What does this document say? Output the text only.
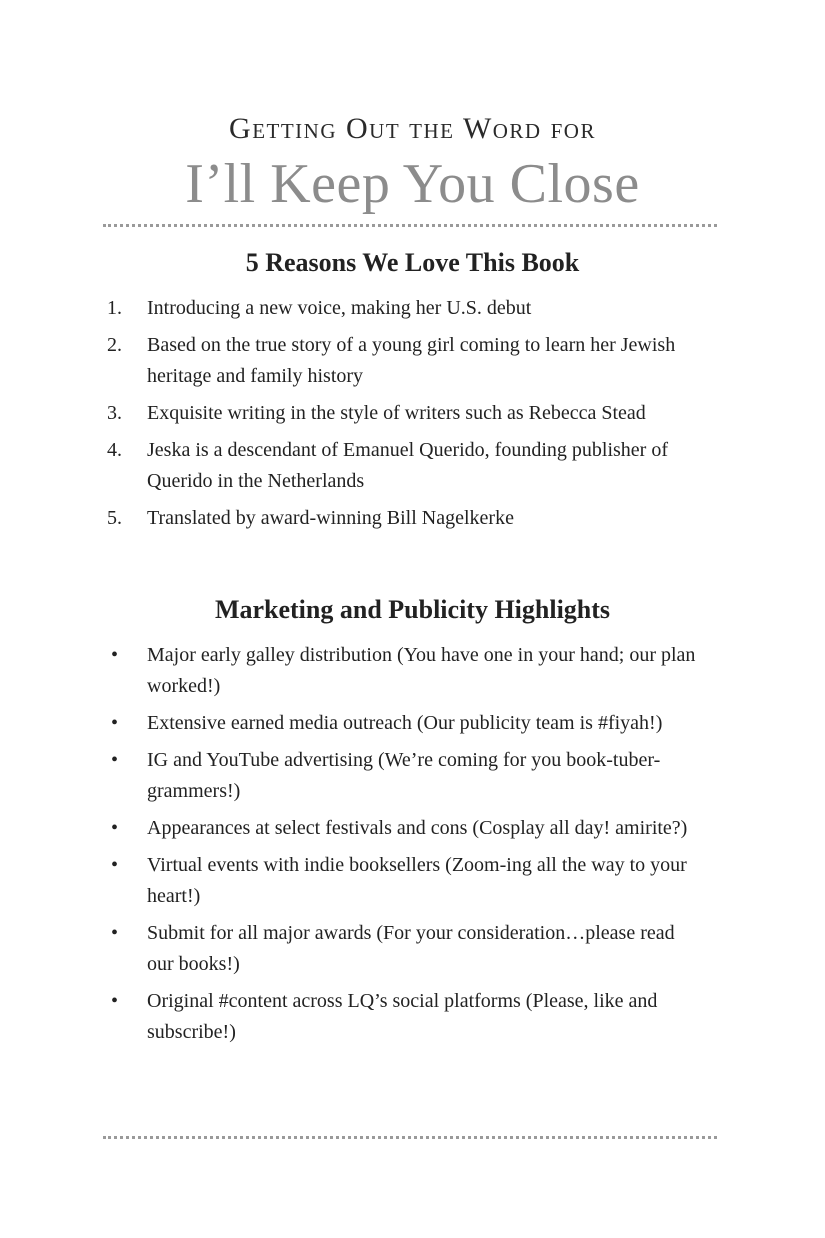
Getting Out the Word for
I’ll Keep You Close
5 Reasons We Love This Book
1.	Introducing a new voice, making her U.S. debut
2.	Based on the true story of a young girl coming to learn her Jewish heritage and family history
3.	Exquisite writing in the style of writers such as Rebecca Stead
4.	Jeska is a descendant of Emanuel Querido, founding publisher of Querido in the Netherlands
5.	Translated by award-winning Bill Nagelkerke
Marketing and Publicity Highlights
•	Major early galley distribution (You have one in your hand; our plan worked!)
•	Extensive earned media outreach (Our publicity team is #fiyah!)
•	IG and YouTube advertising (We’re coming for you book-tuber-grammers!)
•	Appearances at select festivals and cons (Cosplay all day! amirite?)
•	Virtual events with indie booksellers (Zoom-ing all the way to your heart!)
•	Submit for all major awards (For your consideration…please read our books!)
•	Original #content across LQ’s social platforms (Please, like and subscribe!)
